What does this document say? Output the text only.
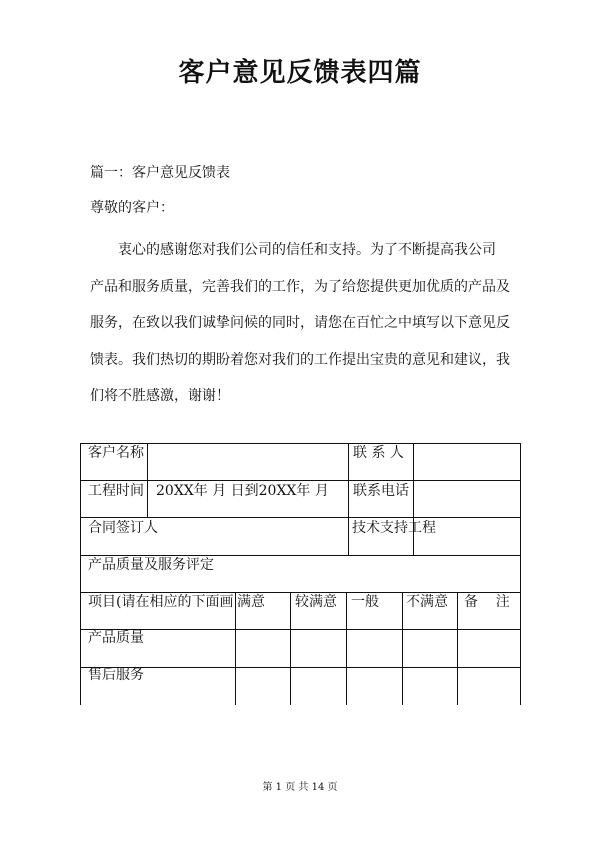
客户意见反馈表四篇
篇一：客户意见反馈表
尊敬的客户：
衷心的感谢您对我们公司的信任和支持。为了不断提高我公司
产品和服务质量，完善我们的工作，为了给您提供更加优质的产品及
服务，在致以我们诚挚问候的同时，请您在百忙之中填写以下意见反
馈表。我们热切的期盼着您对我们的工作提出宝贵的意见和建议，我
们将不胜感激，谢谢！
客户名称	联 系 人
工程时间 20XX年 月 日到20XX年 月	联系电话
合同签订人	技术支持工程
产品质量及服务评定
项目(请在相应的下面画 满意	较满意	一般	不满意	备    注
产品质量
售后服务
第 1 页 共 14 页
